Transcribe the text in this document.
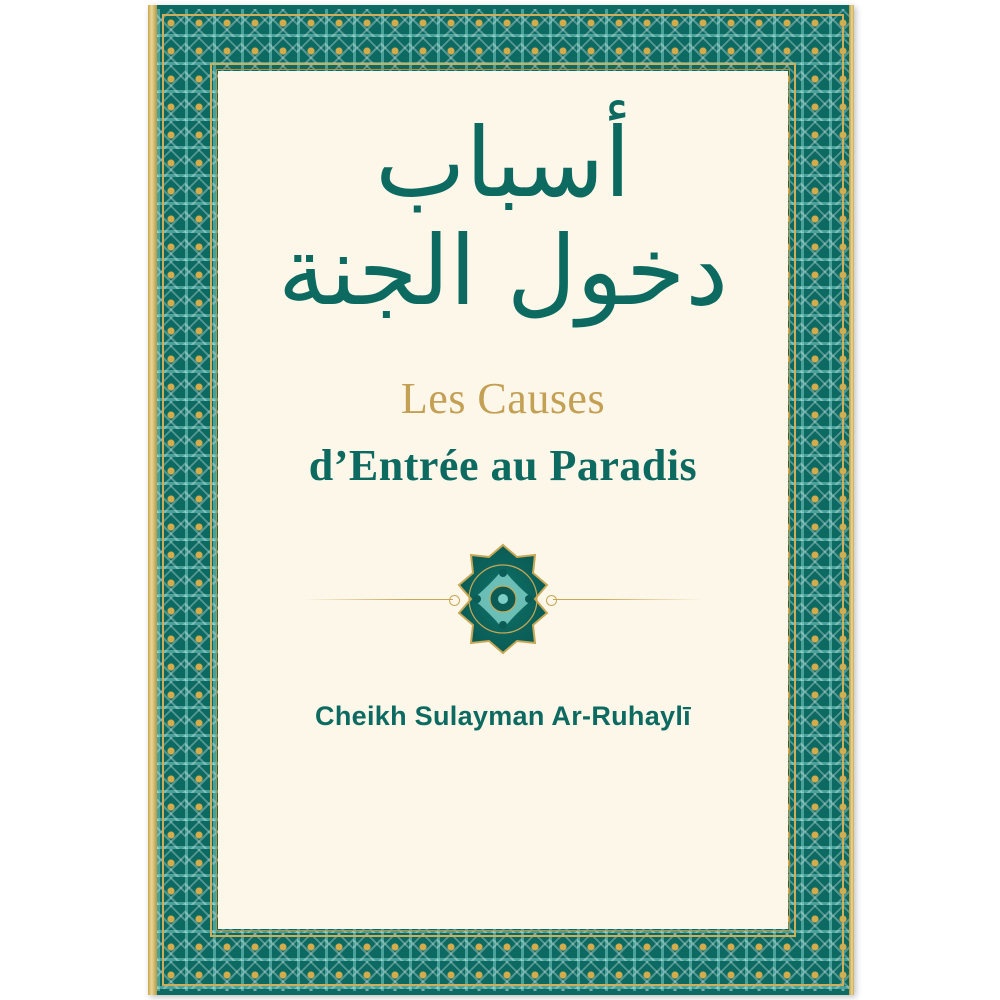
أسباب
دخول الجنة
Les Causes
d’Entrée au Paradis
Cheikh Sulayman Ar-Ruhaylī
